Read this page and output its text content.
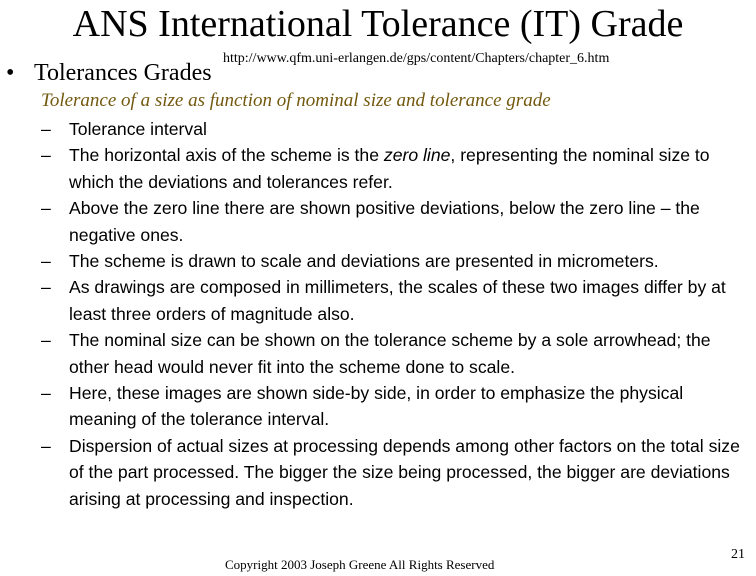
ANS International Tolerance (IT) Grade
• Tolerances Grades
http://www.qfm.uni-erlangen.de/gps/content/Chapters/chapter_6.htm
Tolerance of a size as function of nominal size and tolerance grade
– Tolerance interval
– The horizontal axis of the scheme is the zero line, representing the nominal size to which the deviations and tolerances refer.
– Above the zero line there are shown positive deviations, below the zero line – the negative ones.
– The scheme is drawn to scale and deviations are presented in micrometers.
– As drawings are composed in millimeters, the scales of these two images differ by at least three orders of magnitude also.
– The nominal size can be shown on the tolerance scheme by a sole arrowhead; the other head would never fit into the scheme done to scale.
– Here, these images are shown side-by side, in order to emphasize the physical meaning of the tolerance interval.
– Dispersion of actual sizes at processing depends among other factors on the total size of the part processed. The bigger the size being processed, the bigger are deviations arising at processing and inspection.
Copyright 2003 Joseph Greene All Rights Reserved
21
